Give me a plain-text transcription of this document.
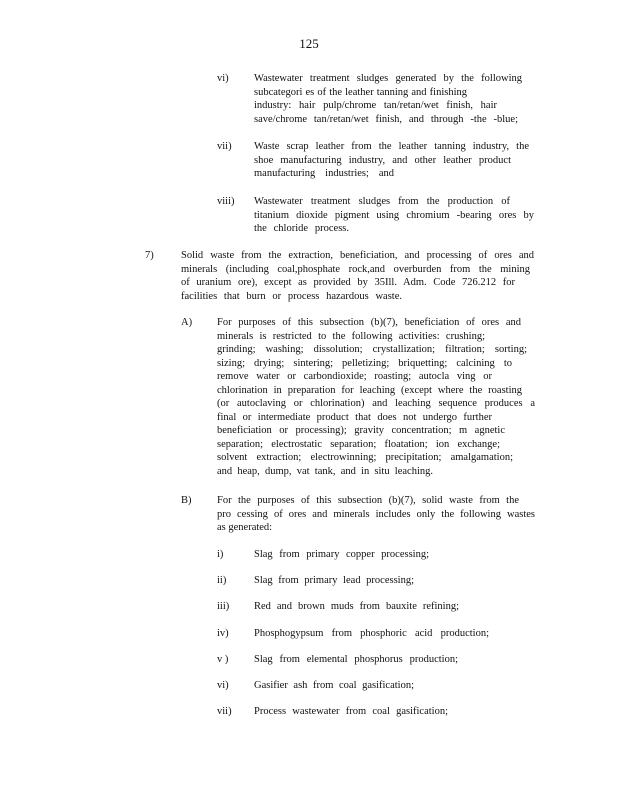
125
vi) Wastewater treatment sludges generated by the following
subcategori es of the leather tanning and finishing
industry: hair pulp/chrome tan/retan/wet finish, hair
save/chrome tan/retan/wet finish, and through -the -blue;
vii) Waste scrap leather from the leather tanning industry, the
shoe manufacturing industry, and other leather product
manufacturing industries; and
viii) Wastewater treatment sludges from the production of
titanium dioxide pigment using chromium -bearing ores by
the chloride process.
7)	Solid waste from the extraction, beneficiation, and processing of ores and
minerals (including coal,phosphate rock,and overburden from the mining
of uranium ore), except as provided by 35Ill. Adm. Code 726.212 for
facilities that burn or process hazardous waste.
A) For purposes of this subsection (b)(7), beneficiation of ores and
minerals is restricted to the following activities: crushing;
grinding; washing; dissolution; crystallization; filtration; sorting;
sizing; drying; sintering; pelletizing; briquetting; calcining to
remove water or carbondioxide; roasting; autocla ving or
chlorination in preparation for leaching (except where the roasting
(or autoclaving or chlorination) and leaching sequence produces a
final or intermediate product that does not undergo further
beneficiation or processing); gravity concentration; m agnetic
separation; electrostatic separation; floatation; ion exchange;
solvent extraction; electrowinning; precipitation; amalgamation;
and heap, dump, vat tank, and in situ leaching.
B) For the purposes of this subsection (b)(7), solid waste from the
pro cessing of ores and minerals includes only the following wastes
as generated:
i)	Slag from primary copper processing;
ii)	Slag from primary lead processing;
iii) Red and brown muds from bauxite refining;
iv) Phosphogypsum from phosphoric acid production;
v ) Slag from elemental phosphorus production;
vi) Gasifier ash from coal gasification;
vii) Process wastewater from coal gasification;
